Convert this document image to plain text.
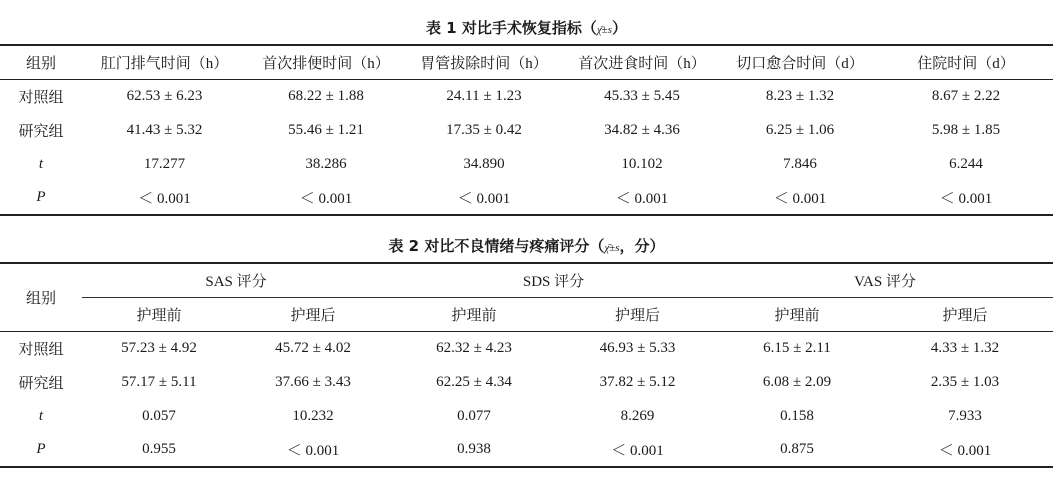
表 1 对比手术恢复指标（χ̄±s）
组别	肛门排气时间（h）	首次排便时间（h）	胃管拔除时间（h）	首次进食时间（h）	切口愈合时间（d）	住院时间（d）
对照组	62.53 ± 6.23	68.22 ± 1.88	24.11 ± 1.23	45.33 ± 5.45	8.23 ± 1.32	8.67 ± 2.22
研究组	41.43 ± 5.32	55.46 ± 1.21	17.35 ± 0.42	34.82 ± 4.36	6.25 ± 1.06	5.98 ± 1.85
t	17.277	38.286	34.890	10.102	7.846	6.244
P	＜ 0.001	＜ 0.001	＜ 0.001	＜ 0.001	＜ 0.001	＜ 0.001
表 2 对比不良情绪与疼痛评分（χ̄±s，分）
组别	SAS 评分		SDS 评分		VAS 评分	
	护理前	护理后	护理前	护理后	护理前	护理后
对照组	57.23 ± 4.92	45.72 ± 4.02	62.32 ± 4.23	46.93 ± 5.33	6.15 ± 2.11	4.33 ± 1.32
研究组	57.17 ± 5.11	37.66 ± 3.43	62.25 ± 4.34	37.82 ± 5.12	6.08 ± 2.09	2.35 ± 1.03
t	0.057	10.232	0.077	8.269	0.158	7.933
P	0.955	＜ 0.001	0.938	＜ 0.001	0.875	＜ 0.001
